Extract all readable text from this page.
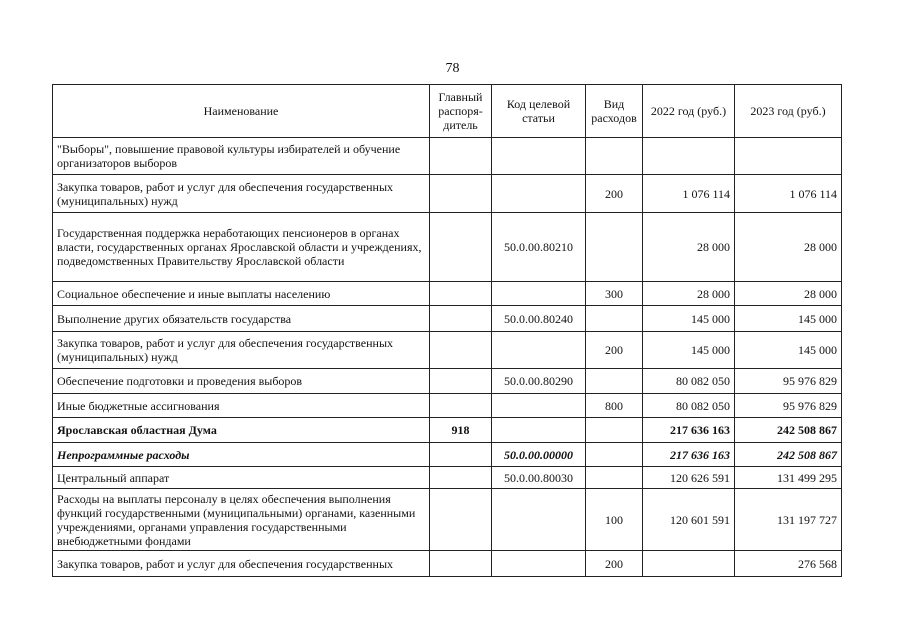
78
Наименование	Главный распоря-дитель	Код целевой статьи	Вид расходов	2022 год (руб.)	2023 год (руб.)
"Выборы", повышение правовой культуры избирателей и обучение организаторов выборов					
Закупка товаров, работ и услуг для обеспечения государственных (муниципальных) нужд			200	1 076 114	1 076 114
Государственная поддержка неработающих пенсионеров в органах власти, государственных органах Ярославской области и учреждениях, подведомственных Правительству Ярославской области		50.0.00.80210		28 000	28 000
Социальное обеспечение и иные выплаты населению			300	28 000	28 000
Выполнение других обязательств государства		50.0.00.80240		145 000	145 000
Закупка товаров, работ и услуг для обеспечения государственных (муниципальных) нужд			200	145 000	145 000
Обеспечение подготовки и проведения выборов		50.0.00.80290		80 082 050	95 976 829
Иные бюджетные ассигнования			800	80 082 050	95 976 829
Ярославская областная Дума	918			217 636 163	242 508 867
Непрограммные расходы		50.0.00.00000		217 636 163	242 508 867
Центральный аппарат		50.0.00.80030		120 626 591	131 499 295
Расходы на выплаты персоналу в целях обеспечения выполнения функций государственными (муниципальными) органами, казенными учреждениями, органами управления государственными внебюджетными фондами			100	120 601 591	131 197 727
Закупка товаров, работ и услуг для обеспечения государственных			200		276 568
